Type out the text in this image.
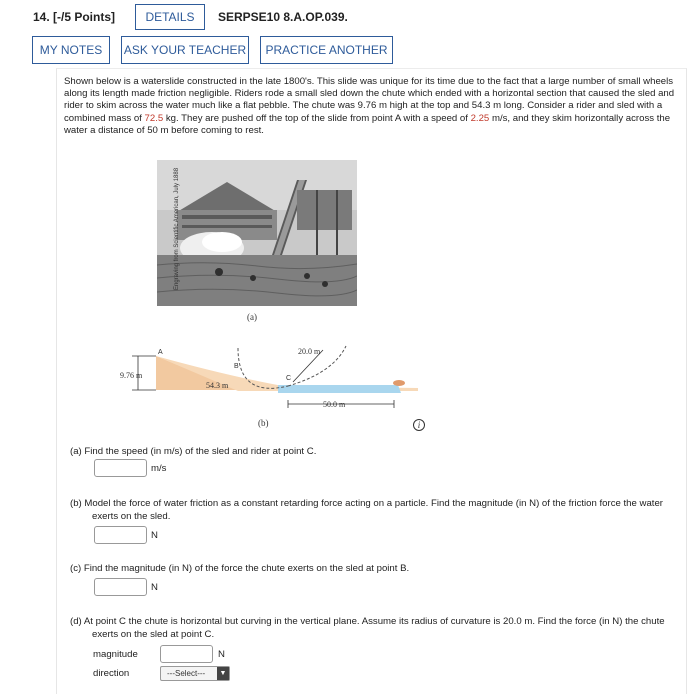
14. [-/5 Points]	DETAILS	SERPSE10 8.A.OP.039.
MY NOTES	ASK YOUR TEACHER	PRACTICE ANOTHER
Shown below is a waterslide constructed in the late 1800's. This slide was unique for its time due to the fact that a large number of small wheels along its length made friction negligible. Riders rode a small sled down the chute which ended with a horizontal section that caused the sled and rider to skim across the water much like a flat pebble. The chute was 9.76 m high at the top and 54.3 m long. Consider a rider and sled with a combined mass of 72.5 kg. They are pushed off the top of the slide from point A with a speed of 2.25 m/s, and they skim horizontally across the water a distance of 50 m before coming to rest.
Engraving from Scientific American, July 1888
(a)
A
B
C
9.76 m
54.3 m
20.0 m
50.0 m
(b)	i
(a) Find the speed (in m/s) of the sled and rider at point C.
m/s
(b) Model the force of water friction as a constant retarding force acting on a particle. Find the magnitude (in N) of the friction force the water exerts on the sled.
N
(c) Find the magnitude (in N) of the force the chute exerts on the sled at point B.
N
(d) At point C the chute is horizontal but curving in the vertical plane. Assume its radius of curvature is 20.0 m. Find the force (in N) the chute exerts on the sled at point C.
magnitude	N
direction	---Select---	▼
